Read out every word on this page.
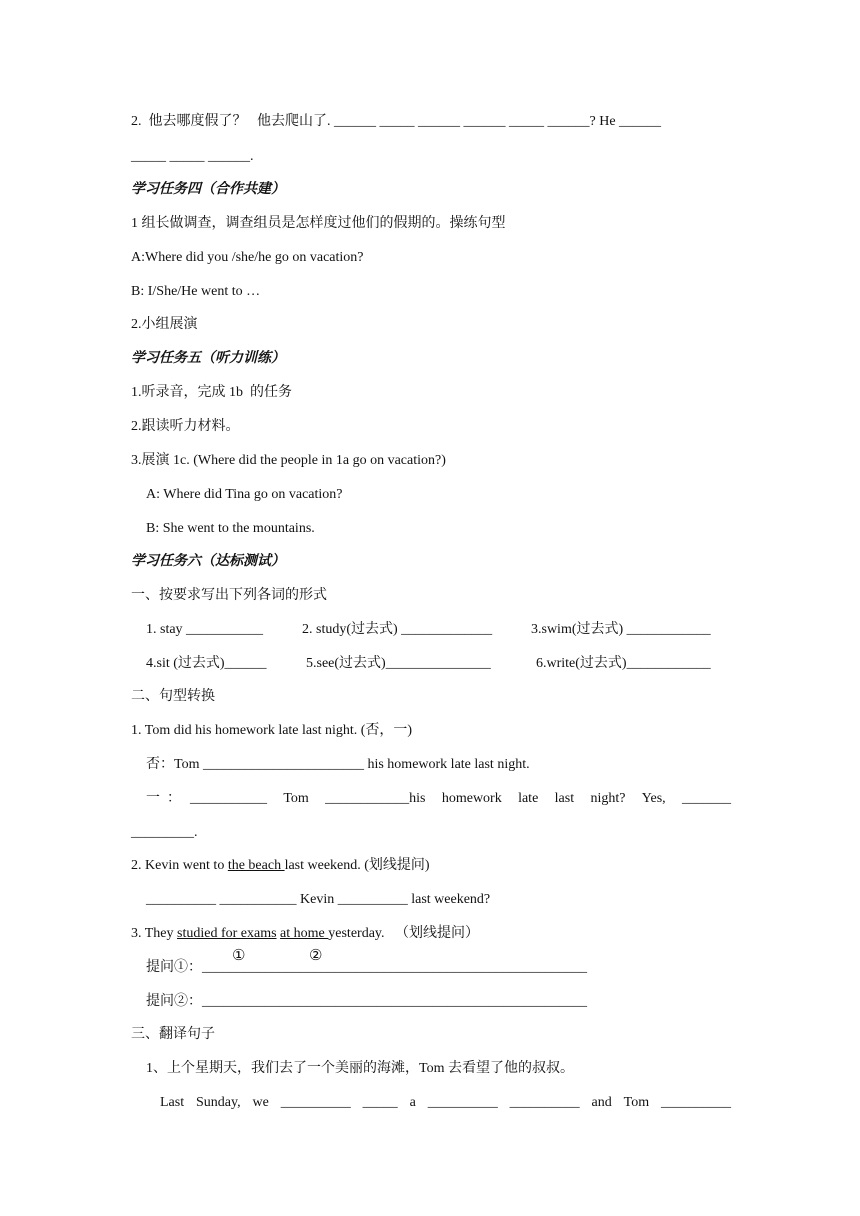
2.  他去哪度假了？   他去爬山了. ______ _____ ______ ______ _____ ______? He ______
_____ _____ ______.
学习任务四（合作共建）
1 组长做调查，调查组员是怎样度过他们的假期的。操练句型
A:Where did you /she/he go on vacation?
B: I/She/He went to …
2.小组展演
学习任务五（听力训练）
1.听录音，完成 1b  的任务
2.跟读听力材料。
3.展演 1c. (Where did the people in 1a go on vacation?)
A: Where did Tina go on vacation?
B: She went to the mountains.
学习任务六（达标测试）
一、按要求写出下列各词的形式
1. stay ___________	2. study(过去式) _____________	3.swim(过去式) ____________
4.sit (过去式)______	5.see(过去式)_______________	6.write(过去式)____________
二、句型转换
1. Tom did his homework late last night. (否，一)
否：Tom _______________________ his homework late last night.
一  ： ___________ Tom ____________his homework late last night? Yes, _______
_________.
2. Kevin went to the beach last weekend. (划线提问)
__________ ___________ Kevin __________ last weekend?
3. They studied for exams at home yesterday.   （划线提问）
①	②
提问①：_______________________________________________________
提问②：_______________________________________________________
三、翻译句子
1、上个星期天，我们去了一个美丽的海滩，Tom 去看望了他的叔叔。
Last Sunday, we __________ _____ a __________ __________ and Tom __________
